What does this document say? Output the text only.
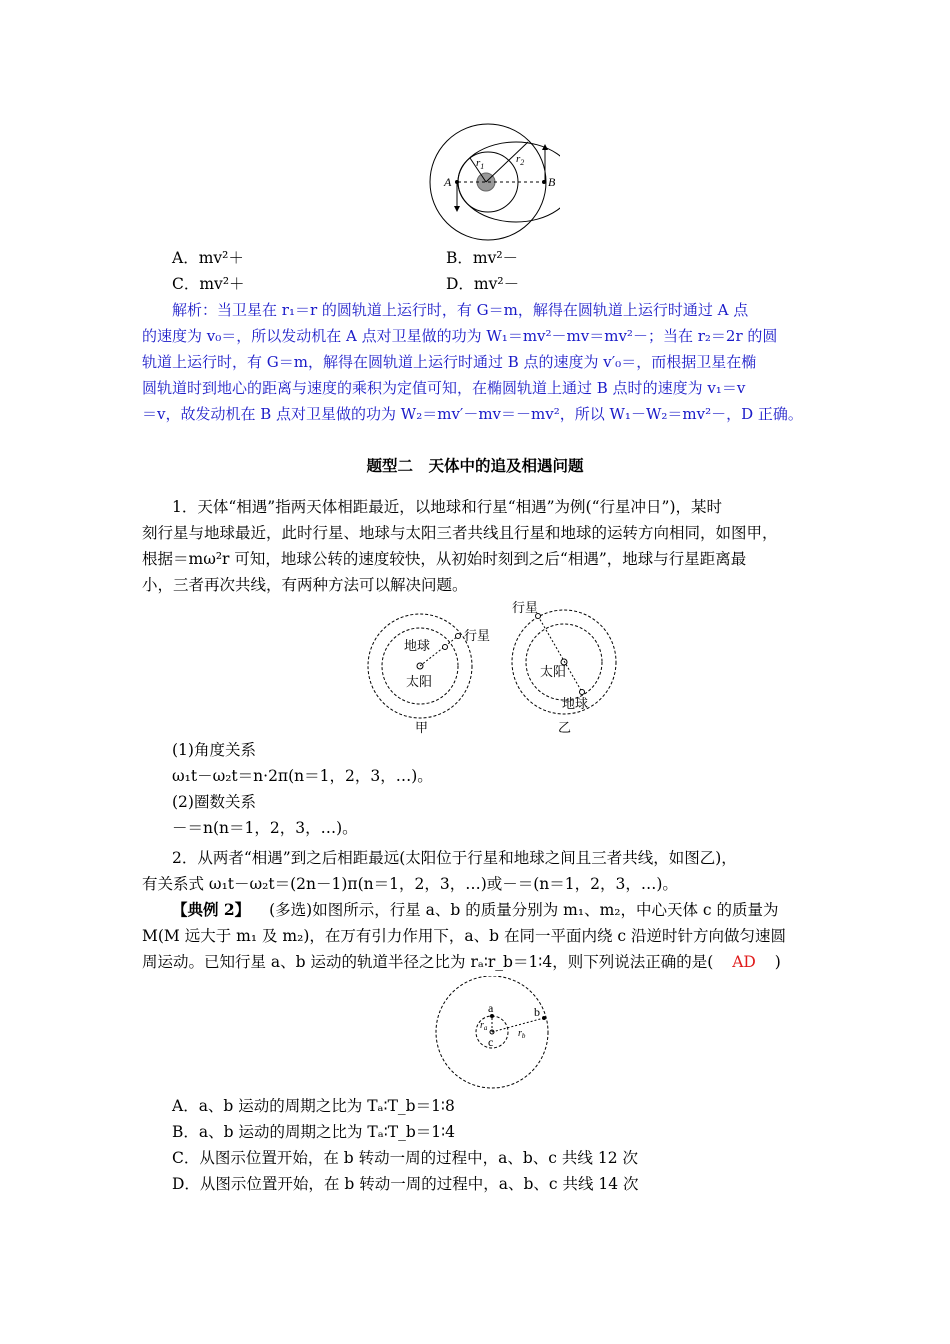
$r_1$
$r_2$
A	B
A．mv²＋	B．mv²－
C．mv²＋	D．mv²－
解析：当卫星在 r₁＝r 的圆轨道上运行时，有 G＝m，解得在圆轨道上运行时通过 A 点
的速度为 v₀＝，所以发动机在 A 点对卫星做的功为 W₁＝mv²－mv＝mv²－；当在 r₂＝2r 的圆
轨道上运行时，有 G＝m，解得在圆轨道上运行时通过 B 点的速度为 v′₀＝，而根据卫星在椭
圆轨道时到地心的距离与速度的乘积为定值可知，在椭圆轨道上通过 B 点时的速度为 v₁＝v
＝v，故发动机在 B 点对卫星做的功为 W₂＝mv′－mv＝－mv²，所以 W₁－W₂＝mv²－，D 正确。
题型二　天体中的追及相遇问题
1．天体“相遇”指两天体相距最近，以地球和行星“相遇”为例(“行星冲日”)，某时
刻行星与地球最近，此时行星、地球与太阳三者共线且行星和地球的运转方向相同，如图甲，
根据＝mω²r 可知，地球公转的速度较快，从初始时刻到之后“相遇”，地球与行星距离最
小，三者再次共线，有两种方法可以解决问题。
地球
太阳
行星
甲
行星
太阳
地球
乙
(1)角度关系
ω₁t－ω₂t＝n·2π(n＝1，2，3，…)。
(2)圈数关系
－＝n(n＝1，2，3，…)。
2．从两者“相遇”到之后相距最远(太阳位于行星和地球之间且三者共线，如图乙)，
有关系式 ω₁t－ω₂t＝(2n－1)π(n＝1，2，3，…)或－＝(n＝1，2，3，…)。
【典例 2】 (多选)如图所示，行星 a、b 的质量分别为 m₁、m₂，中心天体 c 的质量为
M(M 远大于 m₁ 及 m₂)，在万有引力作用下，a、b 在同一平面内绕 c 沿逆时针方向做匀速圆
周运动。已知行星 a、b 运动的轨道半径之比为 rₐ∶r_b＝1∶4，则下列说法正确的是( AD )
a	b
c
$r_a$	$r_b$
A．a、b 运动的周期之比为 Tₐ∶T_b＝1∶8
B．a、b 运动的周期之比为 Tₐ∶T_b＝1∶4
C．从图示位置开始，在 b 转动一周的过程中，a、b、c 共线 12 次
D．从图示位置开始，在 b 转动一周的过程中，a、b、c 共线 14 次
